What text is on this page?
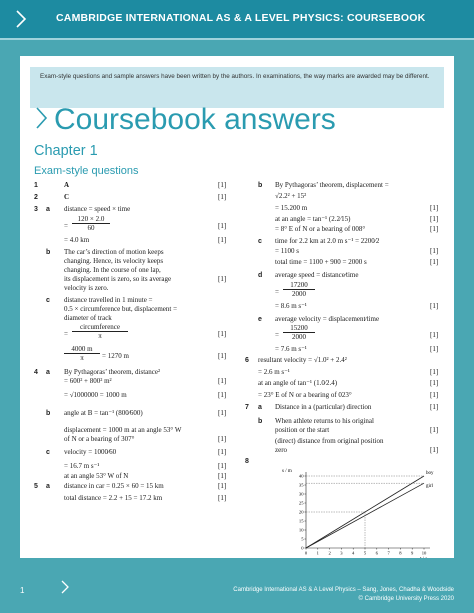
CAMBRIDGE INTERNATIONAL AS & A LEVEL PHYSICS: COURSEBOOK
Exam-style questions and sample answers have been written by the authors. In examinations, the way marks are awarded may be different.
Coursebook answers
Chapter 1
Exam-style questions
1	A	[1]
2	C	[1]
3 a distance = speed × time
= $\frac{120 \times 2.0}{60}$	[1]
= 4.0 km	[1]
b The car’s direction of motion keeps
changing. Hence, its velocity keeps
changing. In the course of one lap,
its displacement is zero, so its average
velocity is zero.
[1]
c distance travelled in 1 minute =
0.5 × circumference but, displacement =
diameter of track
=
circumference
π	[1]
$\frac{4000 m}{\pi} = 1270$ m	[1]
4 a By Pythagoras’ theorem, distance²
= 600² + 800² m²	[1]
= √1000000 = 1000 m	[1]
b angle at B = tan⁻¹ (800⁄600)	[1]
displacement = 1000 m at an angle 53° W
of N or a bearing of 307°	[1]
c velocity = 1000⁄60	[1]
= 16.7 m s⁻¹	[1]
at an angle 53° W of N	[1]
5 a distance in car = 0.25 × 60 = 15 km	[1]
total distance = 2.2 + 15 = 17.2 km	[1]
b By Pythagoras’ theorem, displacement =
√2.2² + 15²
= 15.200 m	[1]
at an angle = tan⁻¹ (2.2⁄15)	[1]
= 8° E of N or a bearing of 008°	[1]
c time for 2.2 km at 2.0 m s⁻¹ = 2200⁄2
= 1100 s	[1]
total time = 1100 + 900 = 2000 s	[1]
d average speed = distance⁄time
= $\frac{17200}{2000}$
= 8.6 m s⁻¹	[1]
e average velocity = displacement⁄time
= $\frac{15200}{2000}$	[1]
= 7.6 m s⁻¹	[1]
6 resultant velocity = √1.0² + 2.4²
= 2.6 m s⁻¹	[1]
at an angle of tan⁻¹ (1.0⁄2.4)	[1]
= 23° E of N or a bearing of 023°	[1]
7 a Distance in a (particular) direction	[1]
b When athlete returns to his original
position or the start	[1]
(direct) distance from original position
zero	[1]
8
s / m
t / s
0 1 2 3 4 5 6 7 8 9 10
0
5
10
15
20
25
30
35
40
boy
girl
1	Cambridge International AS & A Level Physics – Sang, Jones, Chadha & Woodside
© Cambridge University Press 2020
